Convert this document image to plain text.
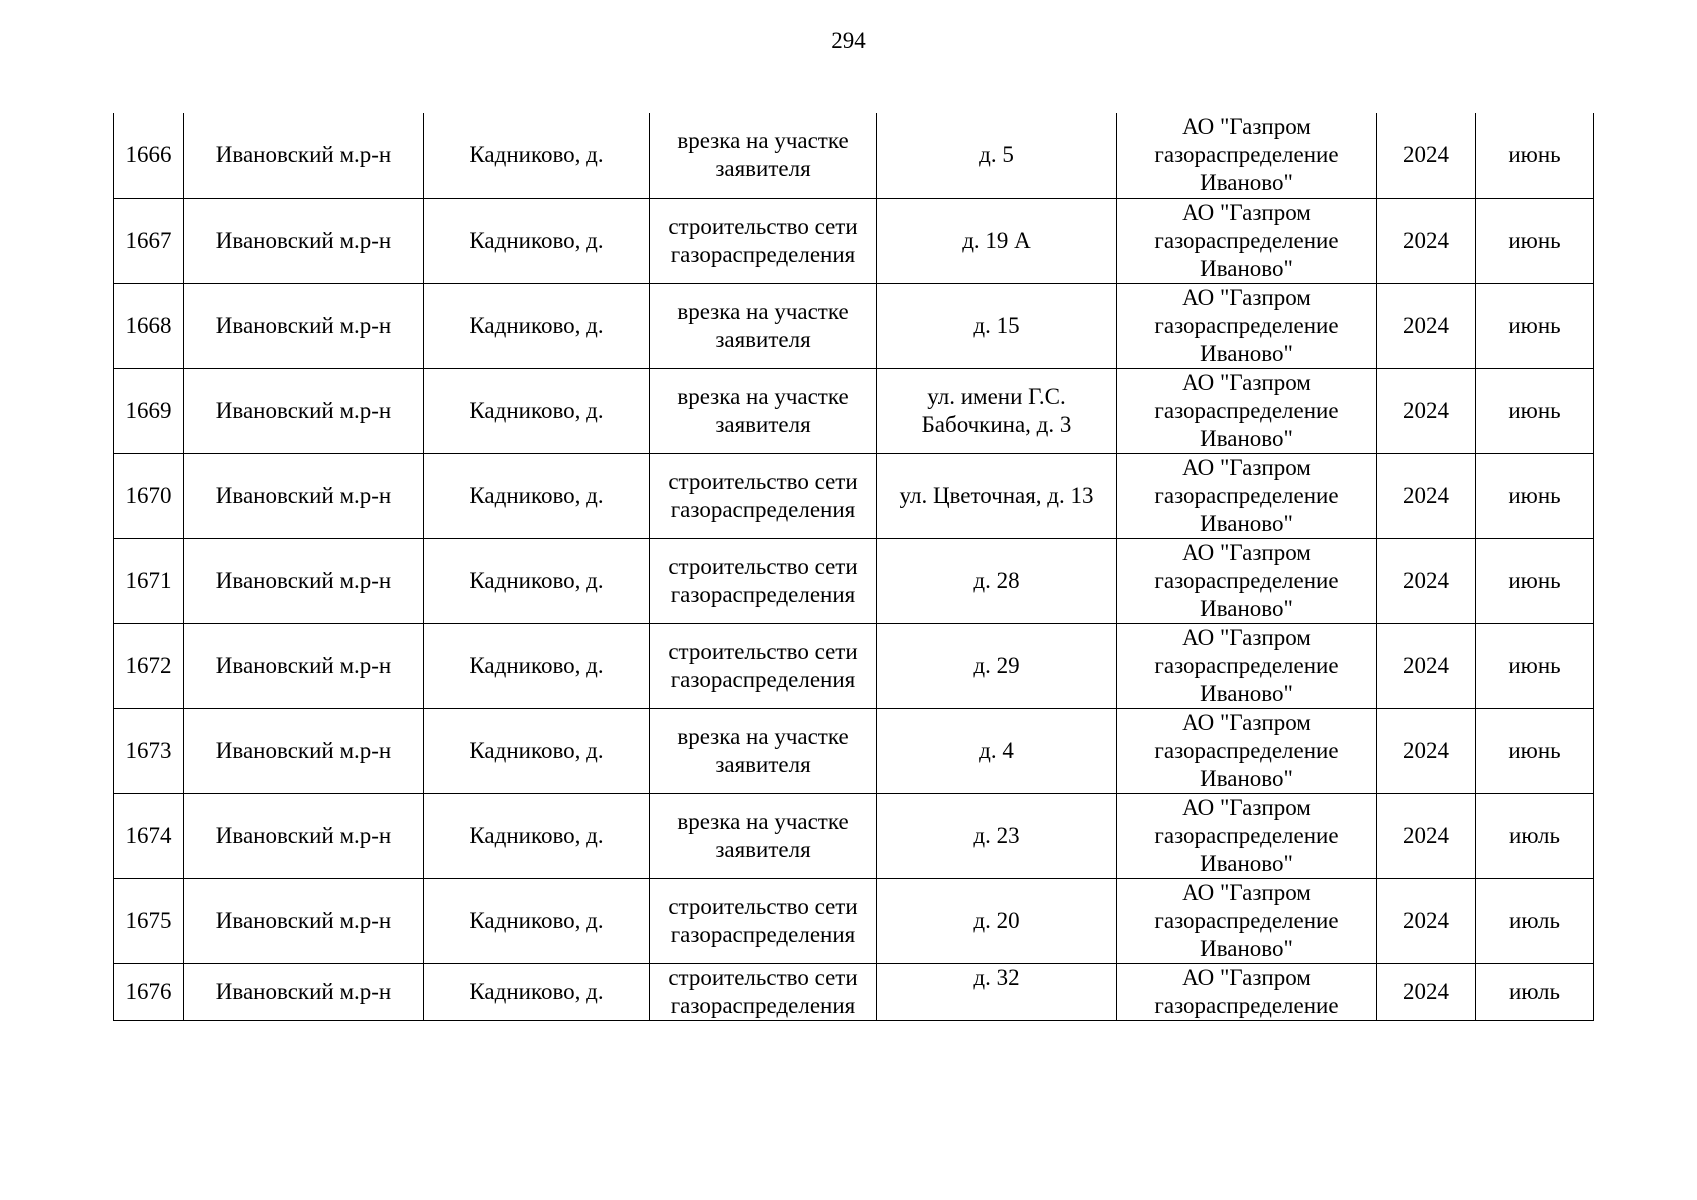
294
1666	Ивановский м.р-н	Кадниково, д.	врезка на участке
заявителя	д. 5	АО "Газпром
газораспределение
Иваново"	2024	июнь
1667	Ивановский м.р-н	Кадниково, д.	строительство сети
газораспределения	д. 19 А	АО "Газпром
газораспределение
Иваново"	2024	июнь
1668	Ивановский м.р-н	Кадниково, д.	врезка на участке
заявителя	д. 15	АО "Газпром
газораспределение
Иваново"	2024	июнь
1669	Ивановский м.р-н	Кадниково, д.	врезка на участке
заявителя	ул. имени Г.С.
Бабочкина, д. 3	АО "Газпром
газораспределение
Иваново"	2024	июнь
1670	Ивановский м.р-н	Кадниково, д.	строительство сети
газораспределения	ул. Цветочная, д. 13	АО "Газпром
газораспределение
Иваново"	2024	июнь
1671	Ивановский м.р-н	Кадниково, д.	строительство сети
газораспределения	д. 28	АО "Газпром
газораспределение
Иваново"	2024	июнь
1672	Ивановский м.р-н	Кадниково, д.	строительство сети
газораспределения	д. 29	АО "Газпром
газораспределение
Иваново"	2024	июнь
1673	Ивановский м.р-н	Кадниково, д.	врезка на участке
заявителя	д. 4	АО "Газпром
газораспределение
Иваново"	2024	июнь
1674	Ивановский м.р-н	Кадниково, д.	врезка на участке
заявителя	д. 23	АО "Газпром
газораспределение
Иваново"	2024	июль
1675	Ивановский м.р-н	Кадниково, д.	строительство сети
газораспределения	д. 20	АО "Газпром
газораспределение
Иваново"	2024	июль
1676	Ивановский м.р-н	Кадниково, д.	строительство сети
газораспределения	д. 32	АО "Газпром
газораспределение	2024	июль
